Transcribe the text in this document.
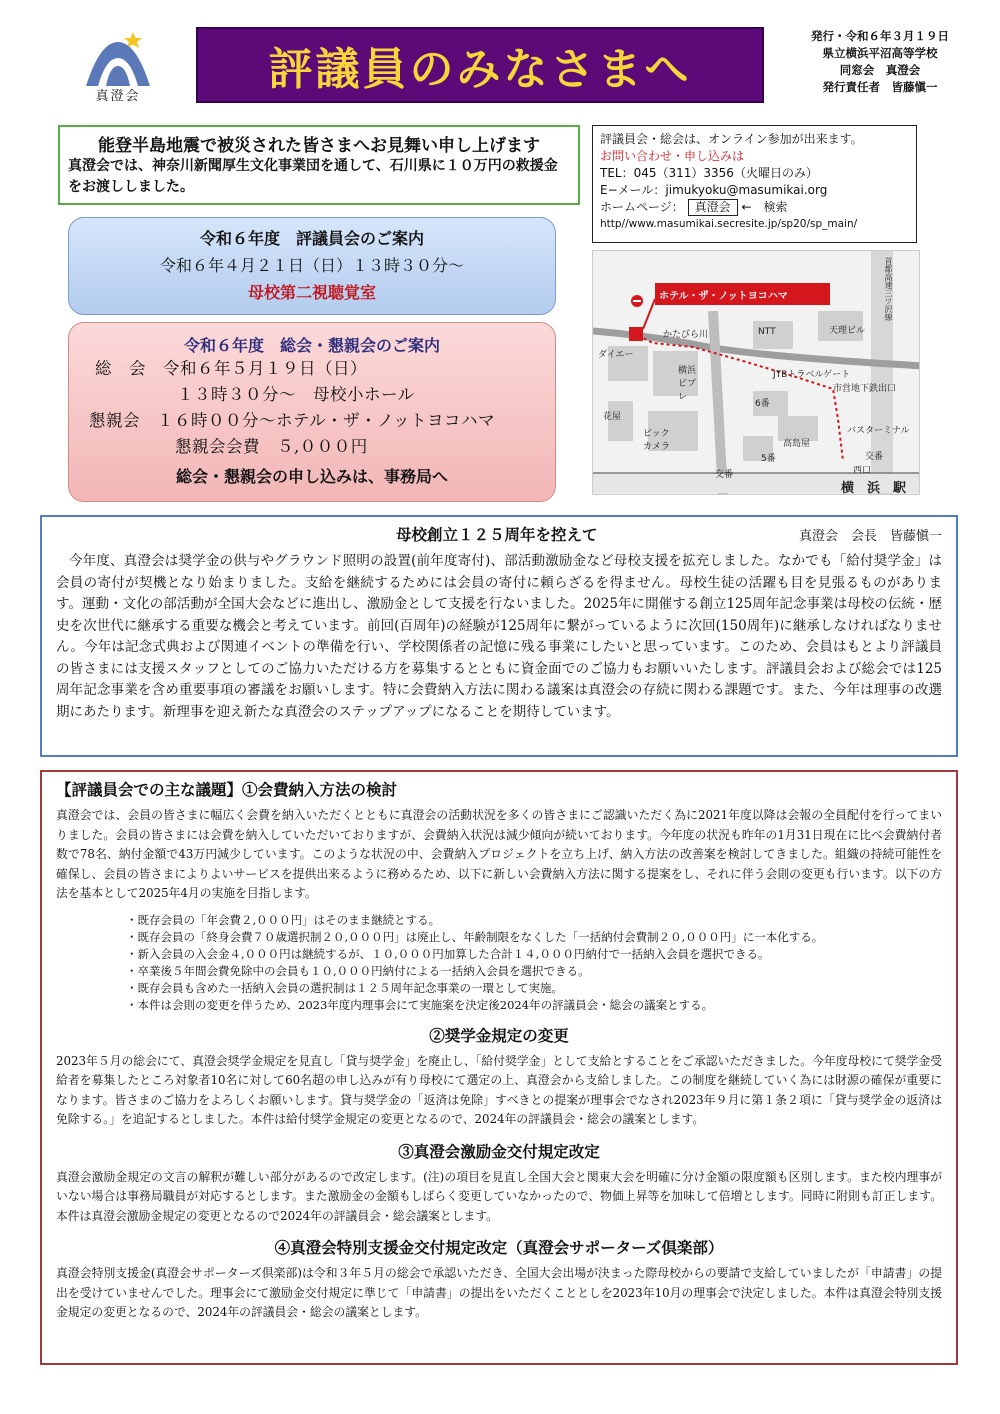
真澄会
評議員のみなさまへ
発行・令和６年３月１９日
県立横浜平沼高等学校
同窓会　真澄会
発行責任者　皆藤愼一
能登半島地震で被災された皆さまへお見舞い申し上げます
真澄会では、神奈川新聞厚生文化事業団を通して、石川県に１０万円の救援金をお渡ししました。
評議員会・総会は、オンライン参加が出来ます。
お問い合わせ・申し込みは
TEL：045（311）3356（火曜日のみ）
E−メール：jimukyoku@masumikai.org
ホームページ： 真澄会 ←　検索
http//www.masumikai.secresite.jp/sp20/sp_main/
令和６年度　評議員会のご案内
令和６年４月２１日（日）１３時３０分〜
母校第二視聴覚室
令和６年度　総会・懇親会のご案内
総　会　令和６年５月１９日（日）
１３時３０分〜　母校小ホール
懇親会　１６時００分〜ホテル・ザ・ノットヨコハマ
懇親会会費　５,０００円
総会・懇親会の申し込みは、事務局へ
ホテル・ザ・ノットヨコハマ	首都高速三ツ沢線
かたびら川	NTT	天理ビル
ダイエー
横浜ビブレ
JTBトラベルゲート
市営地下鉄出口
花屋
ビックカメラ
6番
高島屋
バスターミナル
5番	交番
交番	西口
横　浜　駅
母校創立１２５周年を控えて	真澄会　会長　皆藤愼一
今年度、真澄会は奨学金の供与やグラウンド照明の設置(前年度寄付)、部活動激励金など母校支援を拡充しました。なかでも「給付奨学金」は会員の寄付が契機となり始まりました。支給を継続するためには会員の寄付に頼らざるを得ません。母校生徒の活躍も目を見張るものがあります。運動・文化の部活動が全国大会などに進出し、激励金として支援を行ないました。2025年に開催する創立125周年記念事業は母校の伝統・歴史を次世代に継承する重要な機会と考えています。前回(百周年)の経験が125周年に繋がっているように次回(150周年)に継承しなければなりません。今年は記念式典および関連イベントの準備を行い、学校関係者の記憶に残る事業にしたいと思っています。このため、会員はもとより評議員の皆さまには支援スタッフとしてのご協力いただける方を募集するとともに資金面でのご協力もお願いいたします。評議員会および総会では125周年記念事業を含め重要事項の審議をお願いします。特に会費納入方法に関わる議案は真澄会の存続に関わる課題です。また、今年は理事の改選期にあたります。新理事を迎え新たな真澄会のステップアップになることを期待しています。
【評議員会での主な議題】①会費納入方法の検討
真澄会では、会員の皆さまに幅広く会費を納入いただくとともに真澄会の活動状況を多くの皆さまにご認識いただく為に2021年度以降は会報の全員配付を行ってまいりました。会員の皆さまには会費を納入していただいておりますが、会費納入状況は減少傾向が続いております。今年度の状況も昨年の1月31日現在に比べ会費納付者数で78名、納付金額で43万円減少しています。このような状況の中、会費納入プロジェクトを立ち上げ、納入方法の改善案を検討してきました。組織の持続可能性を確保し、会員の皆さまによりよいサービスを提供出来るように務めるため、以下に新しい会費納入方法に関する提案をし、それに伴う会則の変更も行います。以下の方法を基本として2025年4月の実施を目指します。
・ 既存会員の「年会費２,０００円」はそのまま継続とする。
・ 既存会員の「終身会費７０歳選択制２０,０００円」は廃止し、年齢制限をなくした「一括納付会費制２０,０００円」に一本化する。
・ 新入会員の入会金４,０００円は継続するが、１０,０００円加算した合計１４,０００円納付で一括納入会員を選択できる。
・ 卒業後５年間会費免除中の会員も１０,０００円納付による一括納入会員を選択できる。
・ 既存会員も含めた一括納入会員の選択制は１２５周年記念事業の一環として実施。
・ 本件は会則の変更を伴うため、2023年度内理事会にて実施案を決定後2024年の評議員会・総会の議案とする。
②奨学金規定の変更
2023年５月の総会にて、真澄会奨学金規定を見直し「貸与奨学金」を廃止し、「給付奨学金」として支給とすることをご承認いただきました。今年度母校にて奨学金受給者を募集したところ対象者10名に対して60名超の申し込みが有り母校にて選定の上、真澄会から支給しました。この制度を継続していく為には財源の確保が重要になります。皆さまのご協力をよろしくお願いします。貸与奨学金の「返済は免除」すべきとの提案が理事会でなされ2023年９月に第１条２項に「貸与奨学金の返済は免除する。」を追記するとしました。本件は給付奨学金規定の変更となるので、2024年の評議員会・総会の議案とします。
③真澄会激励金交付規定改定
真澄会激励金規定の文言の解釈が難しい部分があるので改定します。(注)の項目を見直し全国大会と関東大会を明確に分け金額の限度額も区別します。また校内理事がいない場合は事務局職員が対応するとします。また激励金の金額もしばらく変更していなかったので、物価上昇等を加味して倍増とします。同時に附則も訂正します。本件は真澄会激励金規定の変更となるので2024年の評議員会・総会議案とします。
④真澄会特別支援金交付規定改定（真澄会サポーターズ倶楽部）
真澄会特別支援金(真澄会サポーターズ倶楽部)は令和３年５月の総会で承認いただき、全国大会出場が決まった際母校からの要請で支給していましたが「申請書」の提出を受けていませんでした。理事会にて激励金交付規定に準じて「申請書」の提出をいただくこととしを2023年10月の理事会で決定しました。本件は真澄会特別支援金規定の変更となるので、2024年の評議員会・総会の議案とします。
